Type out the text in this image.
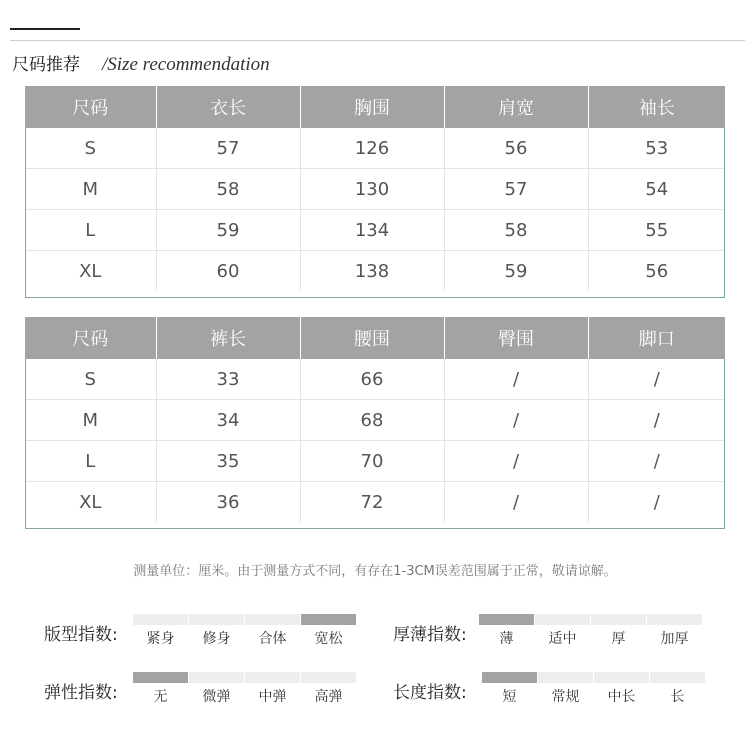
尺码推荐 /Size recommendation
尺码	衣长	胸围	肩宽	袖长
S	57	126	56	53
M	58	130	57	54
L	59	134	58	55
XL	60	138	59	56
尺码	裤长	腰围	臀围	脚口
S	33	66	/	/
M	34	68	/	/
L	35	70	/	/
XL	36	72	/	/
测量单位：厘米。由于测量方式不同，有存在1-3CM误差范围属于正常，敬请谅解。
版型指数:	紧身	修身	合体	宽松	厚薄指数:	薄	适中	厚	加厚
弹性指数:	无	微弹	中弹	高弹	长度指数:	短	常规	中长	长
